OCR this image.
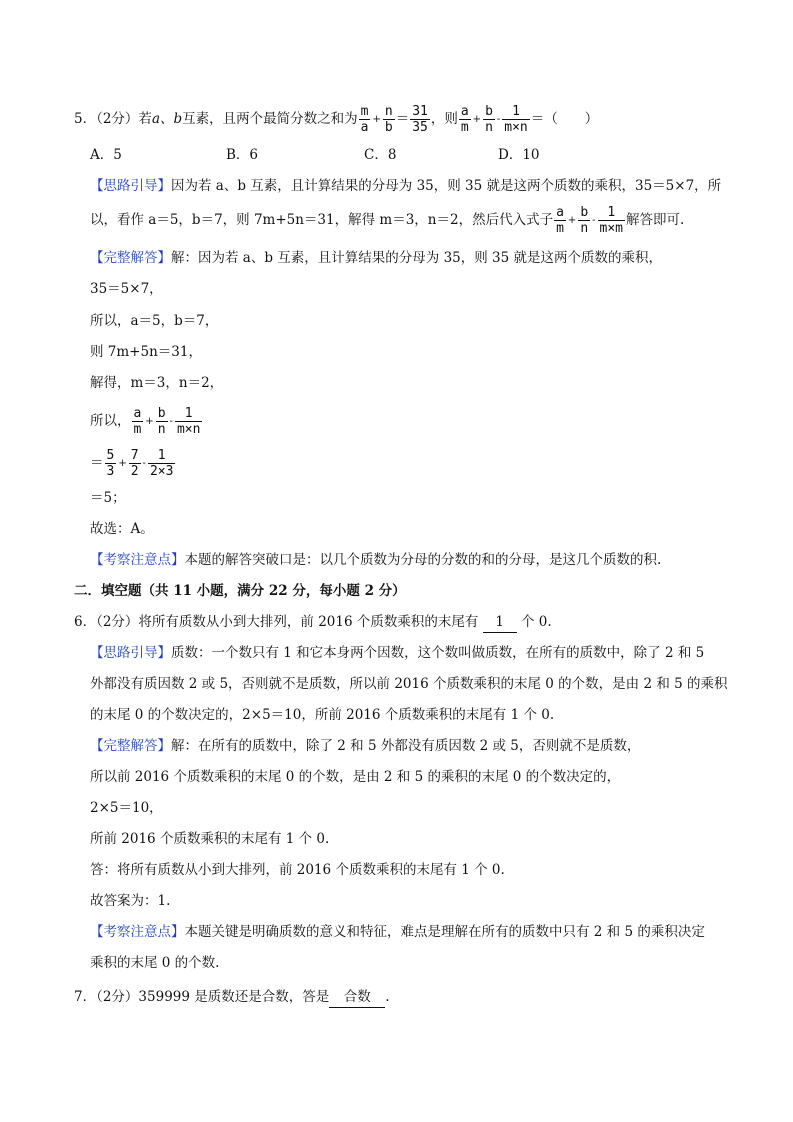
5．（2分）若a、b互素，且两个最简分数之和为 $\frac{m}{a} + \frac{n}{b} = \frac{31}{35}$ ，则 $\frac{a}{m} + \frac{b}{n} - \frac{1}{m\times n}$ ＝（　　）
A．5	B．6	C．8	D．10
【思路引导】因为若 a、b 互素，且计算结果的分母为 35，则 35 就是这两个质数的乘积，35＝5×7，所
以，看作 a＝5，b＝7，则 7m+5n＝31，解得 m＝3，n＝2，然后代入式子 $\frac{a}{m} + \frac{b}{n} - \frac{1}{m\times m}$ 解答即可.
【完整解答】解：因为若 a、b 互素，且计算结果的分母为 35，则 35 就是这两个质数的乘积，
35＝5×7，
所以，a＝5，b＝7，
则 7m+5n＝31，
解得，m＝3，n＝2，
所以， $\frac{a}{m} + \frac{b}{n} - \frac{1}{m\times n}$
＝ $\frac{5}{3} + \frac{7}{2} - \frac{1}{2\times 3}$
＝5；
故选：A。
【考察注意点】本题的解答突破口是：以几个质数为分母的分数的和的分母，是这几个质数的积.
二．填空题（共 11 小题，满分 22 分，每小题 2 分）
6．（2分）将所有质数从小到大排列，前 2016 个质数乘积的末尾有 1 个 0.
【思路引导】质数：一个数只有 1 和它本身两个因数，这个数叫做质数，在所有的质数中，除了 2 和 5
外都没有质因数 2 或 5，否则就不是质数，所以前 2016 个质数乘积的末尾 0 的个数，是由 2 和 5 的乘积
的末尾 0 的个数决定的，2×5＝10，所前 2016 个质数乘积的末尾有 1 个 0.
【完整解答】解：在所有的质数中，除了 2 和 5 外都没有质因数 2 或 5，否则就不是质数，
所以前 2016 个质数乘积的末尾 0 的个数，是由 2 和 5 的乘积的末尾 0 的个数决定的，
2×5＝10，
所前 2016 个质数乘积的末尾有 1 个 0.
答：将所有质数从小到大排列，前 2016 个质数乘积的末尾有 1 个 0.
故答案为：1.
【考察注意点】本题关键是明确质数的意义和特征，难点是理解在所有的质数中只有 2 和 5 的乘积决定
乘积的末尾 0 的个数.
7．（2分）359999 是质数还是合数，答是 合数 .
